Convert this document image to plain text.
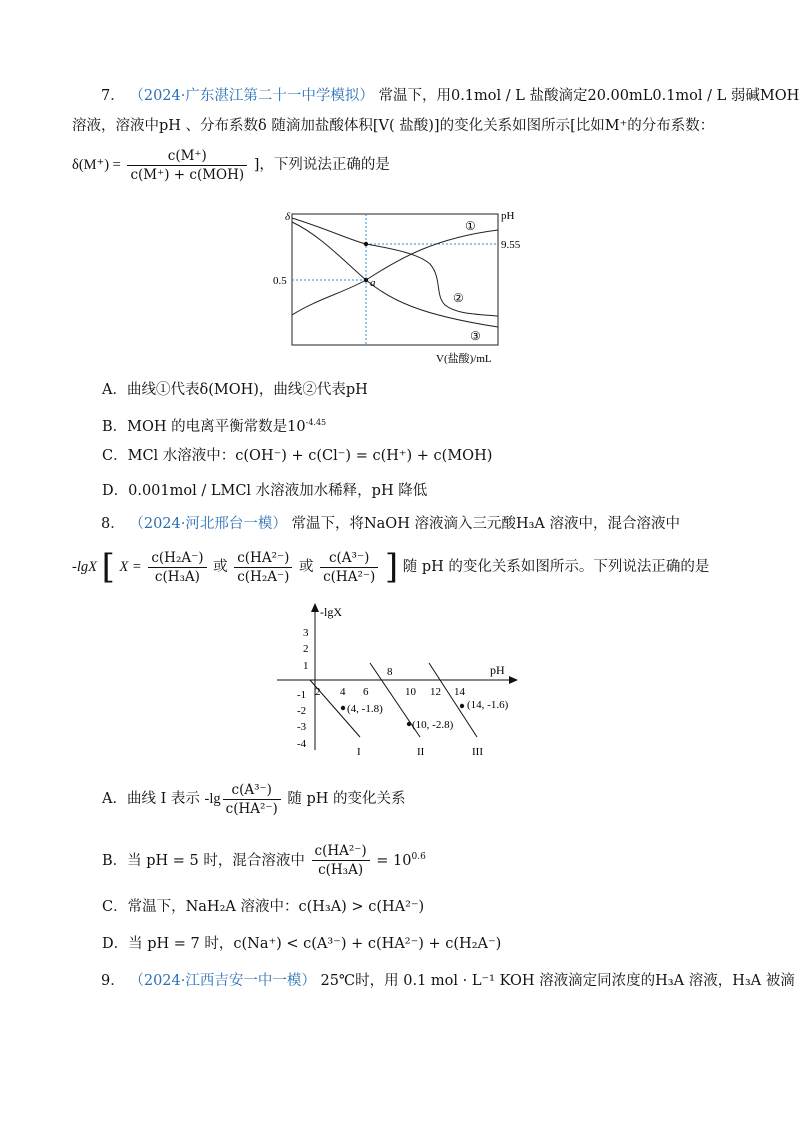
7． （2024·广东湛江第二十一中学模拟） 常温下，用0.1mol / L 盐酸滴定20.00mL0.1mol / L 弱碱MOH
溶液，溶液中pH 、分布系数δ 随滴加盐酸体积[V( 盐酸)]的变化关系如图所示[比如M⁺的分布系数：
$\delta(M^+) = \frac{c(M^+)}{\text{c(M⁺) + c(MOH)}}$ ]，下列说法正确的是
δ	pH
0.5
9.55
a
①
②
③
V(盐酸)/mL
A．曲线①代表δ(MOH)，曲线②代表pH
B．MOH 的电离平衡常数是$10^{-4.45}$
C．MCl 水溶液中：c(OH⁻) + c(Cl⁻) = c(H⁺) + c(MOH)
D．0.001mol / LMCl 水溶液加水稀释，pH 降低
8． （2024·河北邢台一模） 常温下，将NaOH 溶液滴入三元酸H₃A 溶液中，混合溶液中
-lgX [ $X = \frac{\text{c(H₂A⁻)}}{\text{c(H₃A)}}$ 或 $\frac{\text{c(HA²⁻)}}{\text{c(H₂A⁻)}}$ 或 $\frac{\text{c(A³⁻)}}{\text{c(HA²⁻)}}$ ] 随 pH 的变化关系如图所示。下列说法正确的是
-lgX
pH
3
2
1
-1
-2
-3
-4
2 4 6
8
10 12 14
(4, -1.8)
(10, -2.8)
(14, -1.6)
I	II	III
A．曲线 I 表示 $-\lg \frac{\text{c(A³⁻)}}{\text{c(HA²⁻)}}$ 随 pH 的变化关系
B．当 pH = 5 时，混合溶液中 $\frac{\text{c(HA²⁻)}}{\text{c(H₃A)}} = 10^{0.6}$
C．常温下，NaH₂A 溶液中：c(H₃A) > c(HA²⁻)
D．当 pH = 7 时，c(Na⁺) < c(A³⁻) + c(HA²⁻) + c(H₂A⁻)
9． （2024·江西吉安一中一模） 25℃时，用 0.1 mol · L⁻¹ KOH 溶液滴定同浓度的H₃A 溶液，H₃A 被滴
